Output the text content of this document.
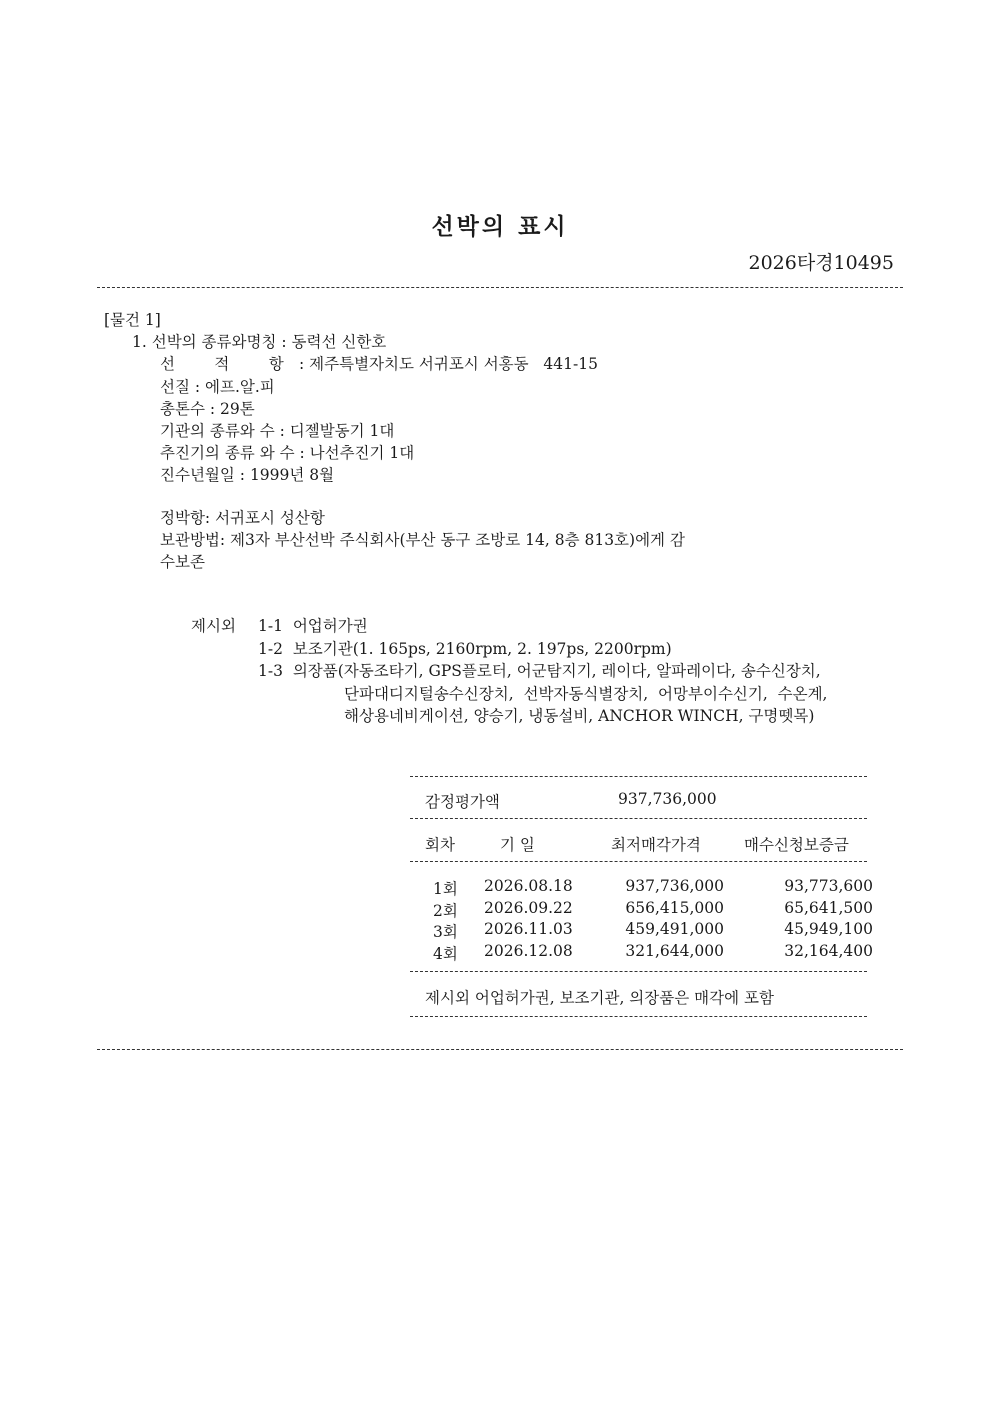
선박의 표시
2026타경10495
[물건 1]
1. 선박의 종류와명칭 : 동력선 신한호
선        적        항 : 제주특별자치도 서귀포시 서홍동   441-15
선질 : 에프.알.피
총톤수 : 29톤
기관의 종류와 수 : 디젤발동기 1대
추진기의 종류 와 수 : 나선추진기 1대
진수년월일 : 1999년 8월
정박항: 서귀포시 성산항
보관방법: 제3자 부산선박 주식회사(부산 동구 조방로 14, 8층 813호)에게 감
수보존
제시외 1-1  어업허가권
1-2  보조기관(1. 165ps, 2160rpm, 2. 197ps, 2200rpm)
1-3  의장품(자동조타기, GPS플로터, 어군탐지기, 레이다, 알파레이다, 송수신장치,
단파대디지털송수신장치,  선박자동식별장치,  어망부이수신기,  수온계,
해상용네비게이션, 양승기, 냉동설비, ANCHOR WINCH, 구명뗏목)
감정평가액	937,736,000
회차	기 일	최저매각가격	매수신청보증금
1회 2026.08.18	937,736,000	93,773,600
2회 2026.09.22	656,415,000	65,641,500
3회 2026.11.03	459,491,000	45,949,100
4회 2026.12.08	321,644,000	32,164,400
제시외 어업허가권, 보조기관, 의장품은 매각에 포함
